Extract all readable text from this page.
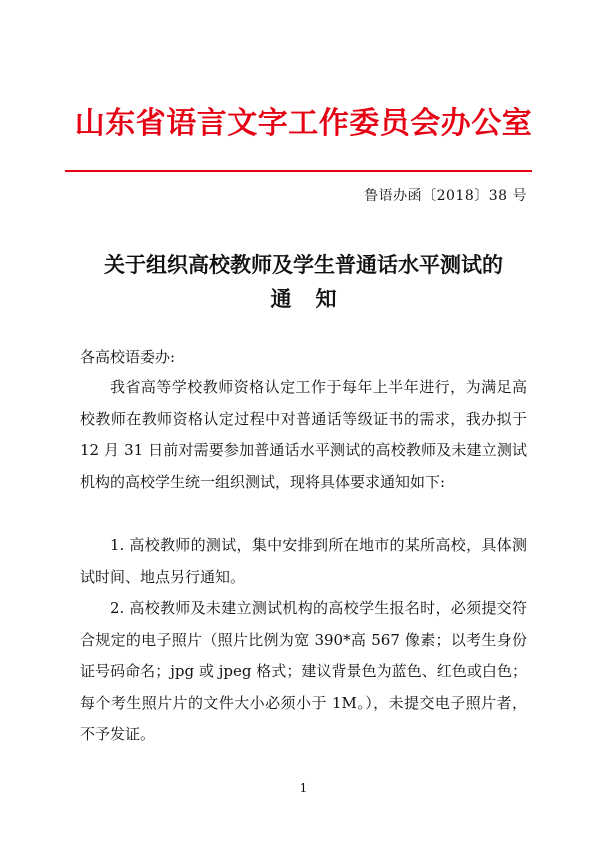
山东省语言文字工作委员会办公室
鲁语办函〔2018〕38 号
关于组织高校教师及学生普通话水平测试的
通知
各高校语委办:

我省高等学校教师资格认定工作于每年上半年进行，为满足高校教师在教师资格认定过程中对普通话等级证书的需求，我办拟于 12 月 31 日前对需要参加普通话水平测试的高校教师及未建立测试机构的高校学生统一组织测试，现将具体要求通知如下:

1. 高校教师的测试，集中安排到所在地市的某所高校，具体测试时间、地点另行通知。

2. 高校教师及未建立测试机构的高校学生报名时，必须提交符合规定的电子照片（照片比例为宽 390*高 567 像素；以考生身份证号码命名；jpg 或 jpeg 格式；建议背景色为蓝色、红色或白色；每个考生照片片的文件大小必须小于 1M。），未提交电子照片者，不予发证。

1
